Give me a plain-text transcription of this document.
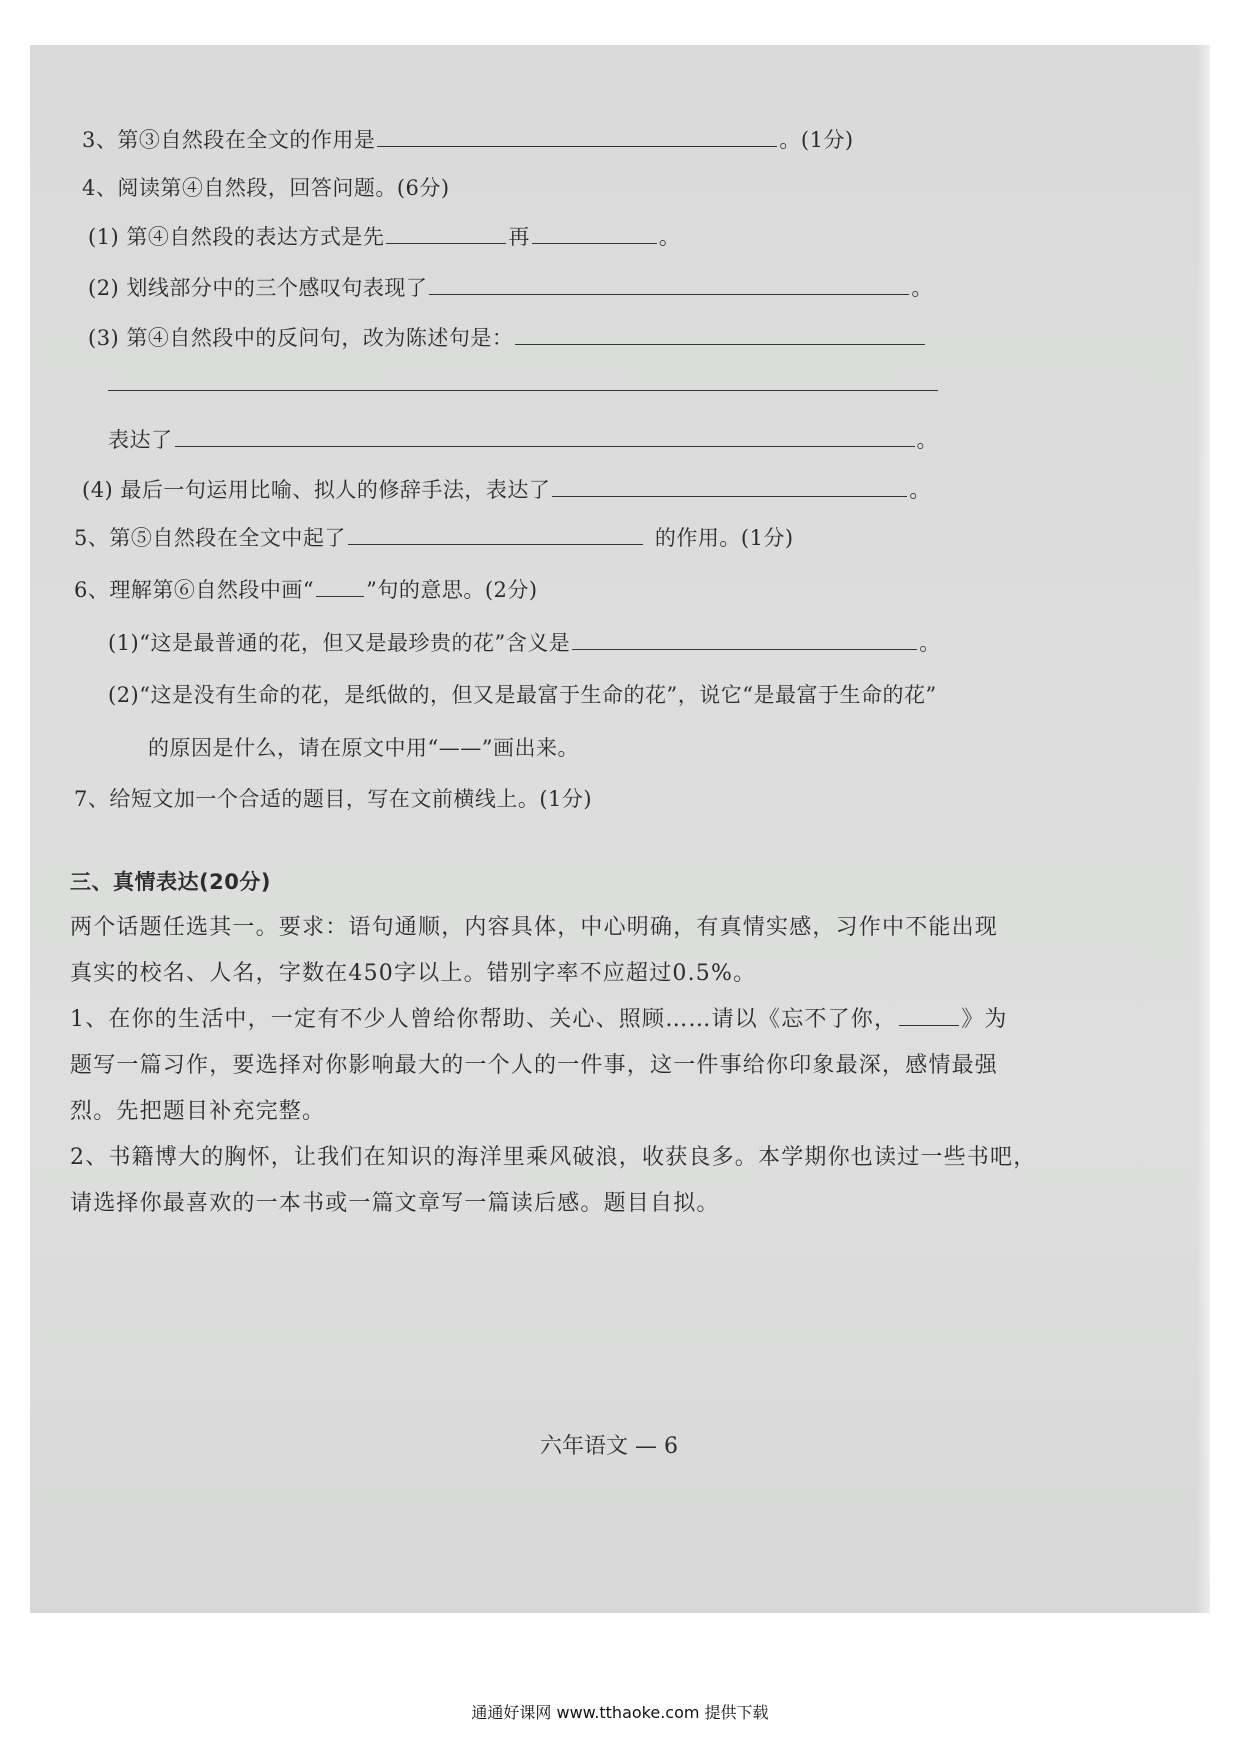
3、第③自然段在全文的作用是	。(1分)
4、阅读第④自然段，回答问题。(6分)
(1) 第④自然段的表达方式是先	再	。
(2) 划线部分中的三个感叹句表现了	。
(3) 第④自然段中的反问句，改为陈述句是：
表达了	。
(4) 最后一句运用比喻、拟人的修辞手法，表达了	。
5、第⑤自然段在全文中起了	的作用。(1分)
6、理解第⑥自然段中画“ ”句的意思。(2分)
(1)“这是最普通的花，但又是最珍贵的花”含义是	。
(2)“这是没有生命的花，是纸做的，但又是最富于生命的花”，说它“是最富于生命的花”
的原因是什么，请在原文中用“——”画出来。
7、给短文加一个合适的题目，写在文前横线上。(1分)
三、真情表达(20分)
两个话题任选其一。要求：语句通顺，内容具体，中心明确，有真情实感，习作中不能出现
真实的校名、人名，字数在450字以上。错别字率不应超过0.5%。
1、在你的生活中，一定有不少人曾给你帮助、关心、照顾……请以《忘不了你，	》为
题写一篇习作，要选择对你影响最大的一个人的一件事，这一件事给你印象最深，感情最强
烈。先把题目补充完整。
2、书籍博大的胸怀，让我们在知识的海洋里乘风破浪，收获良多。本学期你也读过一些书吧，
请选择你最喜欢的一本书或一篇文章写一篇读后感。题目自拟。
六年语文 — 6
通通好课网 www.tthaoke.com 提供下载
